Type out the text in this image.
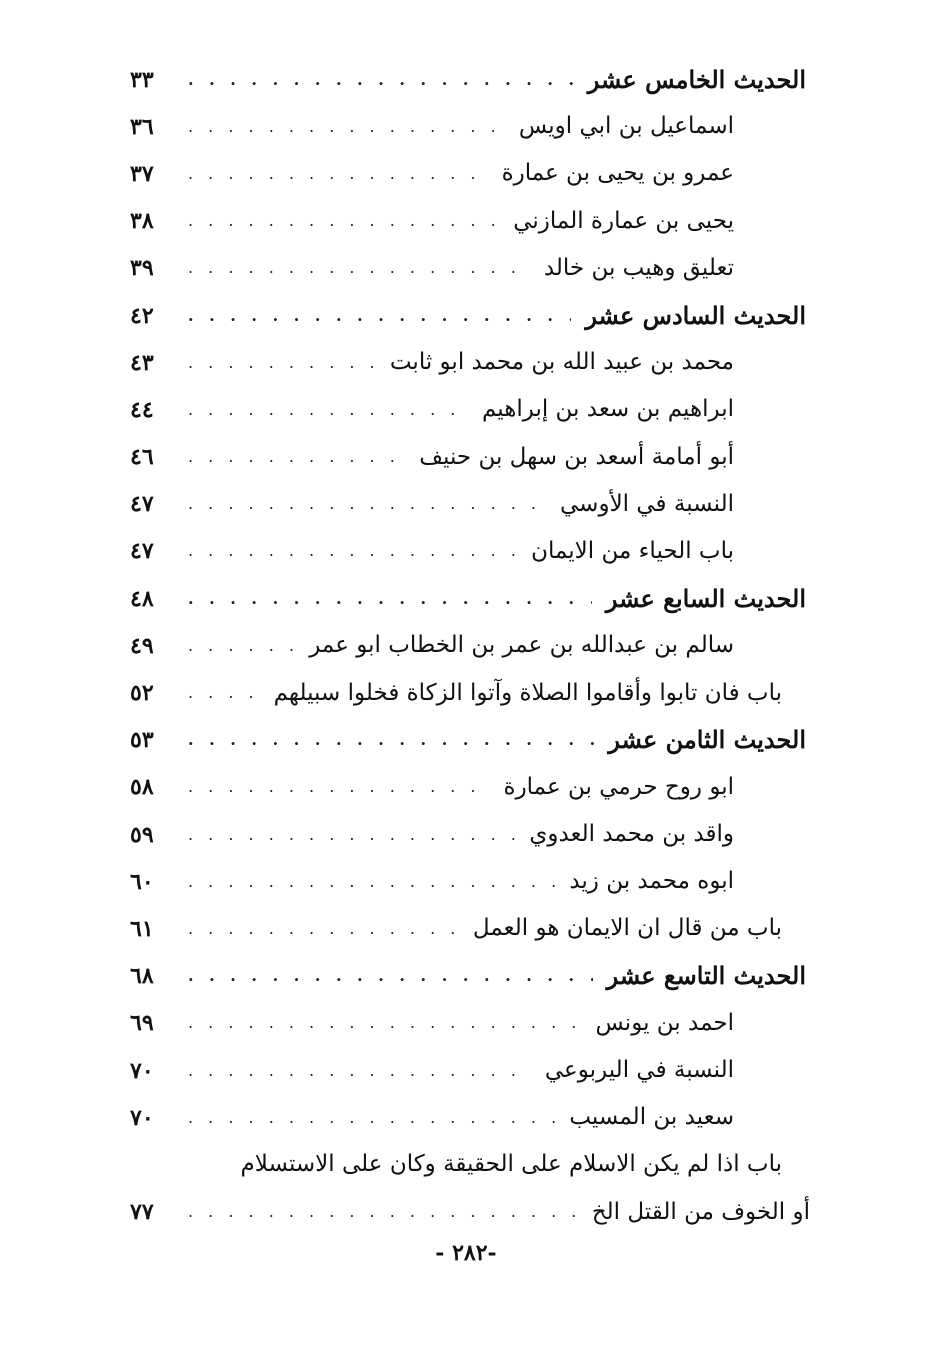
الحديث الخامس عشر
. . .
٣٣
اسماعيل بن ابي اويس
. . .
٣٦
عمرو بن يحيى بن عمارة
. . .
٣٧
يحيى بن عمارة المازني
. . .
٣٨
تعليق وهيب بن خالد
. . .
٣٩
الحديث السادس عشر
. . .
٤٢
محمد بن عبيد الله بن محمد ابو ثابت
. . .
٤٣
ابراهيم بن سعد بن إبراهيم
. . .
٤٤
أبو أمامة أسعد بن سهل بن حنيف
. . .
٤٦
النسبة في الأوسي
. . .
٤٧
باب الحياء من الايمان
. . .
٤٧
الحديث السابع عشر
. . .
٤٨
سالم بن عبدالله بن عمر بن الخطاب ابو عمر
. . .
٤٩
باب فان تابوا وأقاموا الصلاة وآتوا الزكاة فخلوا سبيلهم
. . .
٥٢
الحديث الثامن عشر
. . .
٥٣
ابو روح حرمي بن عمارة
. . .
٥٨
واقد بن محمد العدوي
. . .
٥٩
ابوه محمد بن زيد
. . .
٦٠
باب من قال ان الايمان هو العمل
. . .
٦١
الحديث التاسع عشر
. . .
٦٨
احمد بن يونس
. . .
٦٩
النسبة في اليربوعي
. . .
٧٠
سعيد بن المسيب
. . .
٧٠
باب اذا لم يكن الاسلام على الحقيقة وكان على الاستسلام
أو الخوف من القتل الخ
. . .
٧٧
- ٢٨٢-
